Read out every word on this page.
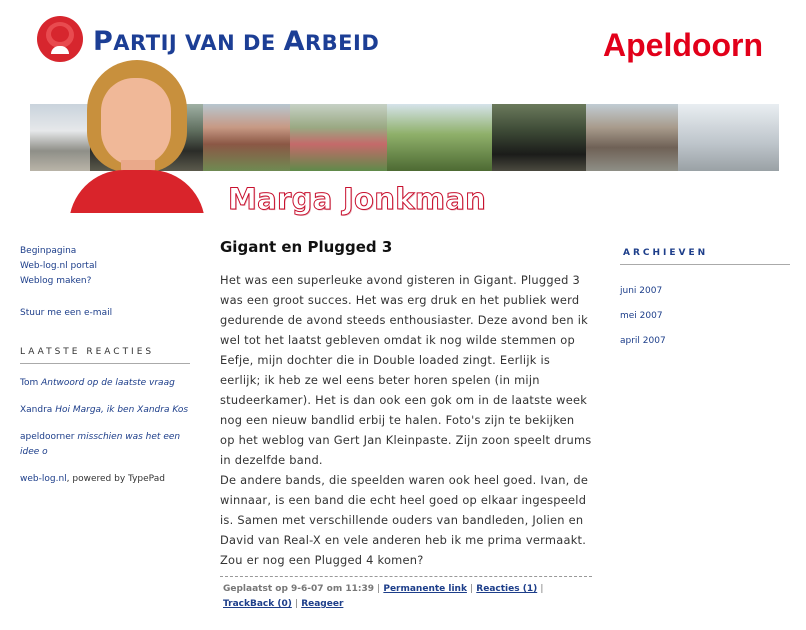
PARTIJ VAN DE ARBEID	Apeldoorn
Marga Jonkman
Beginpagina
Web-log.nl portal
Weblog maken?
Stuur me een e-mail
LAATSTE REACTIES
Tom Antwoord op de laatste vraag
Xandra Hoi Marga, ik ben Xandra Kos
apeldoorner misschien was het een idee o
web-log.nl, powered by TypePad
Gigant en Plugged 3

Het was een superleuke avond gisteren in Gigant. Plugged 3 was een groot succes. Het was erg druk en het publiek werd gedurende de avond steeds enthousiaster. Deze avond ben ik wel tot het laatst gebleven omdat ik nog wilde stemmen op Eefje, mijn dochter die in Double loaded zingt. Eerlijk is eerlijk; ik heb ze wel eens beter horen spelen (in mijn studeerkamer). Het is dan ook een gok om in de laatste week nog een nieuw bandlid erbij te halen. Foto's zijn te bekijken op het weblog van Gert Jan Kleinpaste. Zijn zoon speelt drums in dezelfde band.

De andere bands, die speelden waren ook heel goed. Ivan, de winnaar, is een band die echt heel goed op elkaar ingespeeld is. Samen met verschillende ouders van bandleden, Jolien en David van Real-X en vele anderen heb ik me prima vermaakt. Zou er nog een Plugged 4 komen?

Geplaatst op 9-6-07 om 11:39 | Permanente link | Reacties (1) | TrackBack (0) | Reageer
ARCHIEVEN
juni 2007
mei 2007
april 2007
